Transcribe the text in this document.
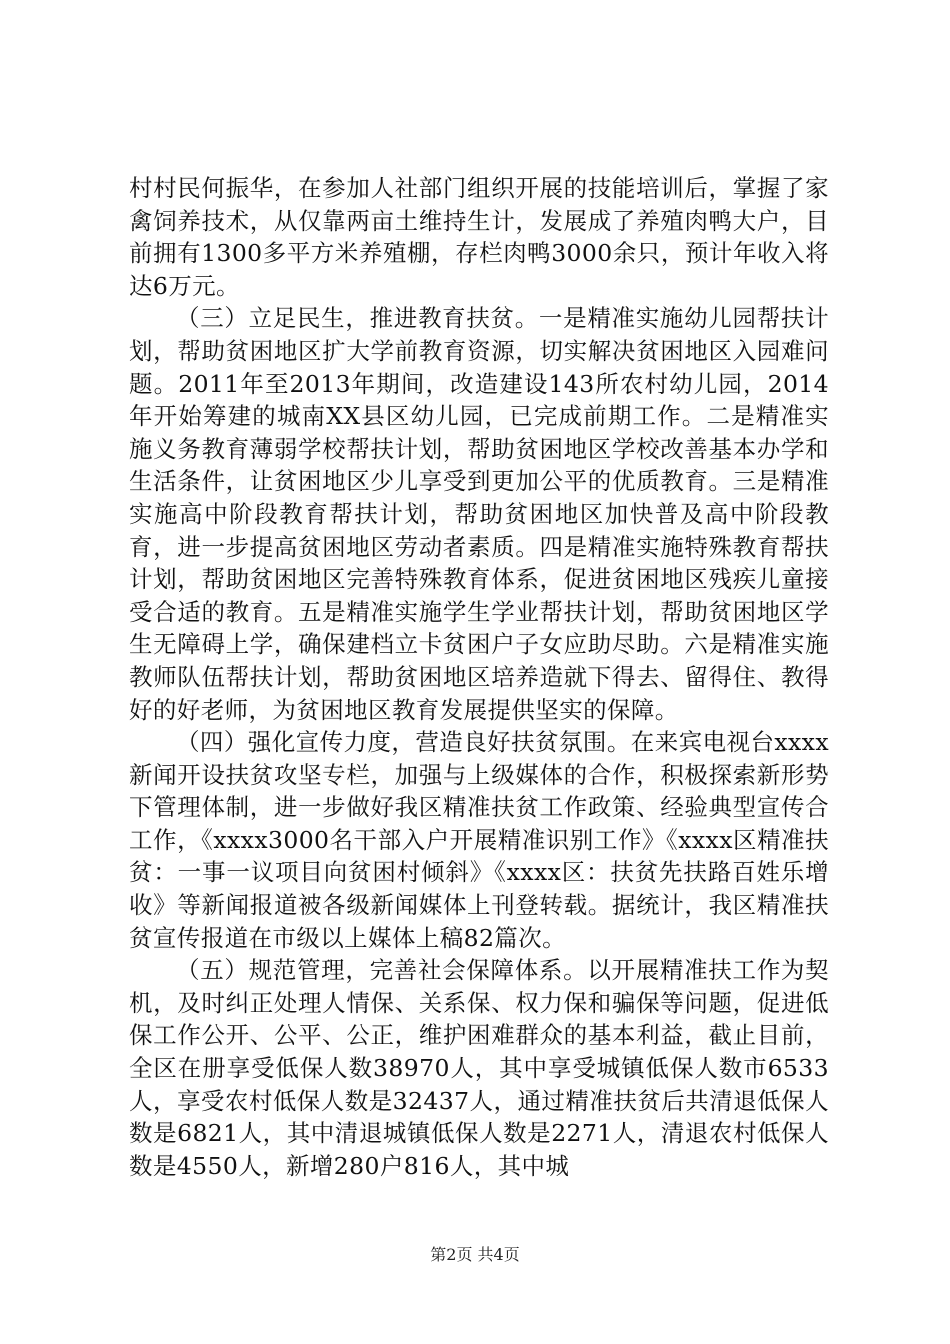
村村民何振华，在参加人社部门组织开展的技能培训后，掌握了家禽饲养技术，从仅靠两亩土维持生计，发展成了养殖肉鸭大户，目前拥有1300多平方米养殖棚，存栏肉鸭3000余只，预计年收入将达6万元。

（三）立足民生，推进教育扶贫。一是精准实施幼儿园帮扶计划，帮助贫困地区扩大学前教育资源，切实解决贫困地区入园难问题。2011年至2013年期间，改造建设143所农村幼儿园，2014年开始筹建的城南XX县区幼儿园，已完成前期工作。二是精准实施义务教育薄弱学校帮扶计划，帮助贫困地区学校改善基本办学和生活条件，让贫困地区少儿享受到更加公平的优质教育。三是精准实施高中阶段教育帮扶计划，帮助贫困地区加快普及高中阶段教育，进一步提高贫困地区劳动者素质。四是精准实施特殊教育帮扶计划，帮助贫困地区完善特殊教育体系，促进贫困地区残疾儿童接受合适的教育。五是精准实施学生学业帮扶计划，帮助贫困地区学生无障碍上学，确保建档立卡贫困户子女应助尽助。六是精准实施教师队伍帮扶计划，帮助贫困地区培养造就下得去、留得住、教得好的好老师，为贫困地区教育发展提供坚实的保障。

（四）强化宣传力度，营造良好扶贫氛围。在来宾电视台xxxx新闻开设扶贫攻坚专栏，加强与上级媒体的合作，积极探索新形势下管理体制，进一步做好我区精准扶贫工作政策、经验典型宣传合工作，《xxxx3000名干部入户开展精准识别工作》《xxxx区精准扶贫：一事一议项目向贫困村倾斜》《xxxx区：扶贫先扶路百姓乐增收》等新闻报道被各级新闻媒体上刊登转载。据统计，我区精准扶贫宣传报道在市级以上媒体上稿82篇次。

（五）规范管理，完善社会保障体系。以开展精准扶工作为契机，及时纠正处理人情保、关系保、权力保和骗保等问题，促进低保工作公开、公平、公正，维护困难群众的基本利益，截止目前，全区在册享受低保人数38970人，其中享受城镇低保人数市6533人，享受农村低保人数是32437人，通过精准扶贫后共清退低保人数是6821人，其中清退城镇低保人数是2271人，清退农村低保人数是4550人，新增280户816人，其中城

第2页 共4页
